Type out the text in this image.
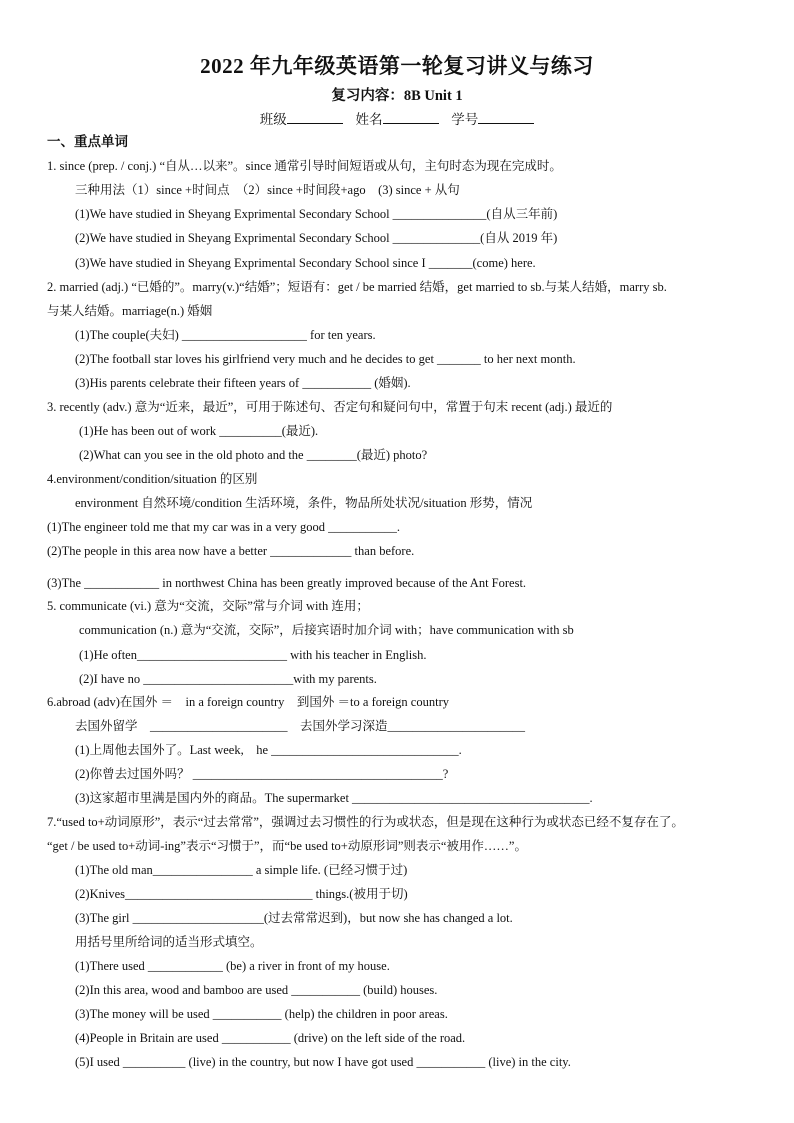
2022 年九年级英语第一轮复习讲义与练习
复习内容：8B Unit 1
班级	姓名	学号
一、重点单词
1. since (prep. / conj.) “自从…以来”。since 通常引导时间短语或从句，主句时态为现在完成时。
三种用法（1）since +时间点　（2）since +时间段+ago　(3) since + 从句
(1)We have studied in Sheyang Exprimental Secondary School _______________(自从三年前)
(2)We have studied in Sheyang Exprimental Secondary School ______________(自从 2019 年)
(3)We have studied in Sheyang Exprimental Secondary School since I _______(come) here.
2. married (adj.) “已婚的”。marry(v.)“结婚”；短语有：get / be married 结婚，get married to sb.与某人结婚，marry sb.
与某人结婚。marriage(n.) 婚姻
(1)The couple(夫妇) ____________________ for ten years.
(2)The football star loves his girlfriend very much and he decides to get _______ to her next month.
(3)His parents celebrate their fifteen years of ___________ (婚姻).
3. recently (adv.) 意为“近来，最近”，可用于陈述句、否定句和疑问句中，常置于句末 recent (adj.) 最近的
(1)He has been out of work __________(最近).
(2)What can you see in the old photo and the ________(最近) photo?
4.environment/condition/situation 的区别
environment 自然环境/condition 生活环境，条件，物品所处状况/situation 形势，情况
(1)The engineer told me that my car was in a very good ___________.
(2)The people in this area now have a better _____________ than before.
(3)The ____________ in northwest China has been greatly improved because of the Ant Forest.
5. communicate (vi.) 意为“交流，交际”常与介词 with 连用；
communication (n.) 意为“交流，交际”，后接宾语时加介词 with；have communication with sb
(1)He often________________________ with his teacher in English.
(2)I have no ________________________with my parents.
6.abroad (adv)在国外 ＝　in a foreign country　到国外 ＝to a foreign country
去国外留学　______________________　去国外学习深造______________________
(1)上周他去国外了。Last week,　he ______________________________.
(2)你曾去过国外吗？ ________________________________________?
(3)这家超市里满是国内外的商品。The supermarket ______________________________________.
7.“used to+动词原形”，表示“过去常常”，强调过去习惯性的行为或状态，但是现在这种行为或状态已经不复存在了。
“get / be used to+动词-ing”表示“习惯于”，而“be used to+动原形词”则表示“被用作……”。
(1)The old man________________ a simple life. (已经习惯于过)
(2)Knives______________________________ things.(被用于切)
(3)The girl _____________________(过去常常迟到)，but now she has changed a lot.
用括号里所给词的适当形式填空。
(1)There used ____________ (be) a river in front of my house.
(2)In this area, wood and bamboo are used ___________ (build) houses.
(3)The money will be used ___________ (help) the children in poor areas.
(4)People in Britain are used ___________ (drive) on the left side of the road.
(5)I used __________ (live) in the country, but now I have got used ___________ (live) in the city.
